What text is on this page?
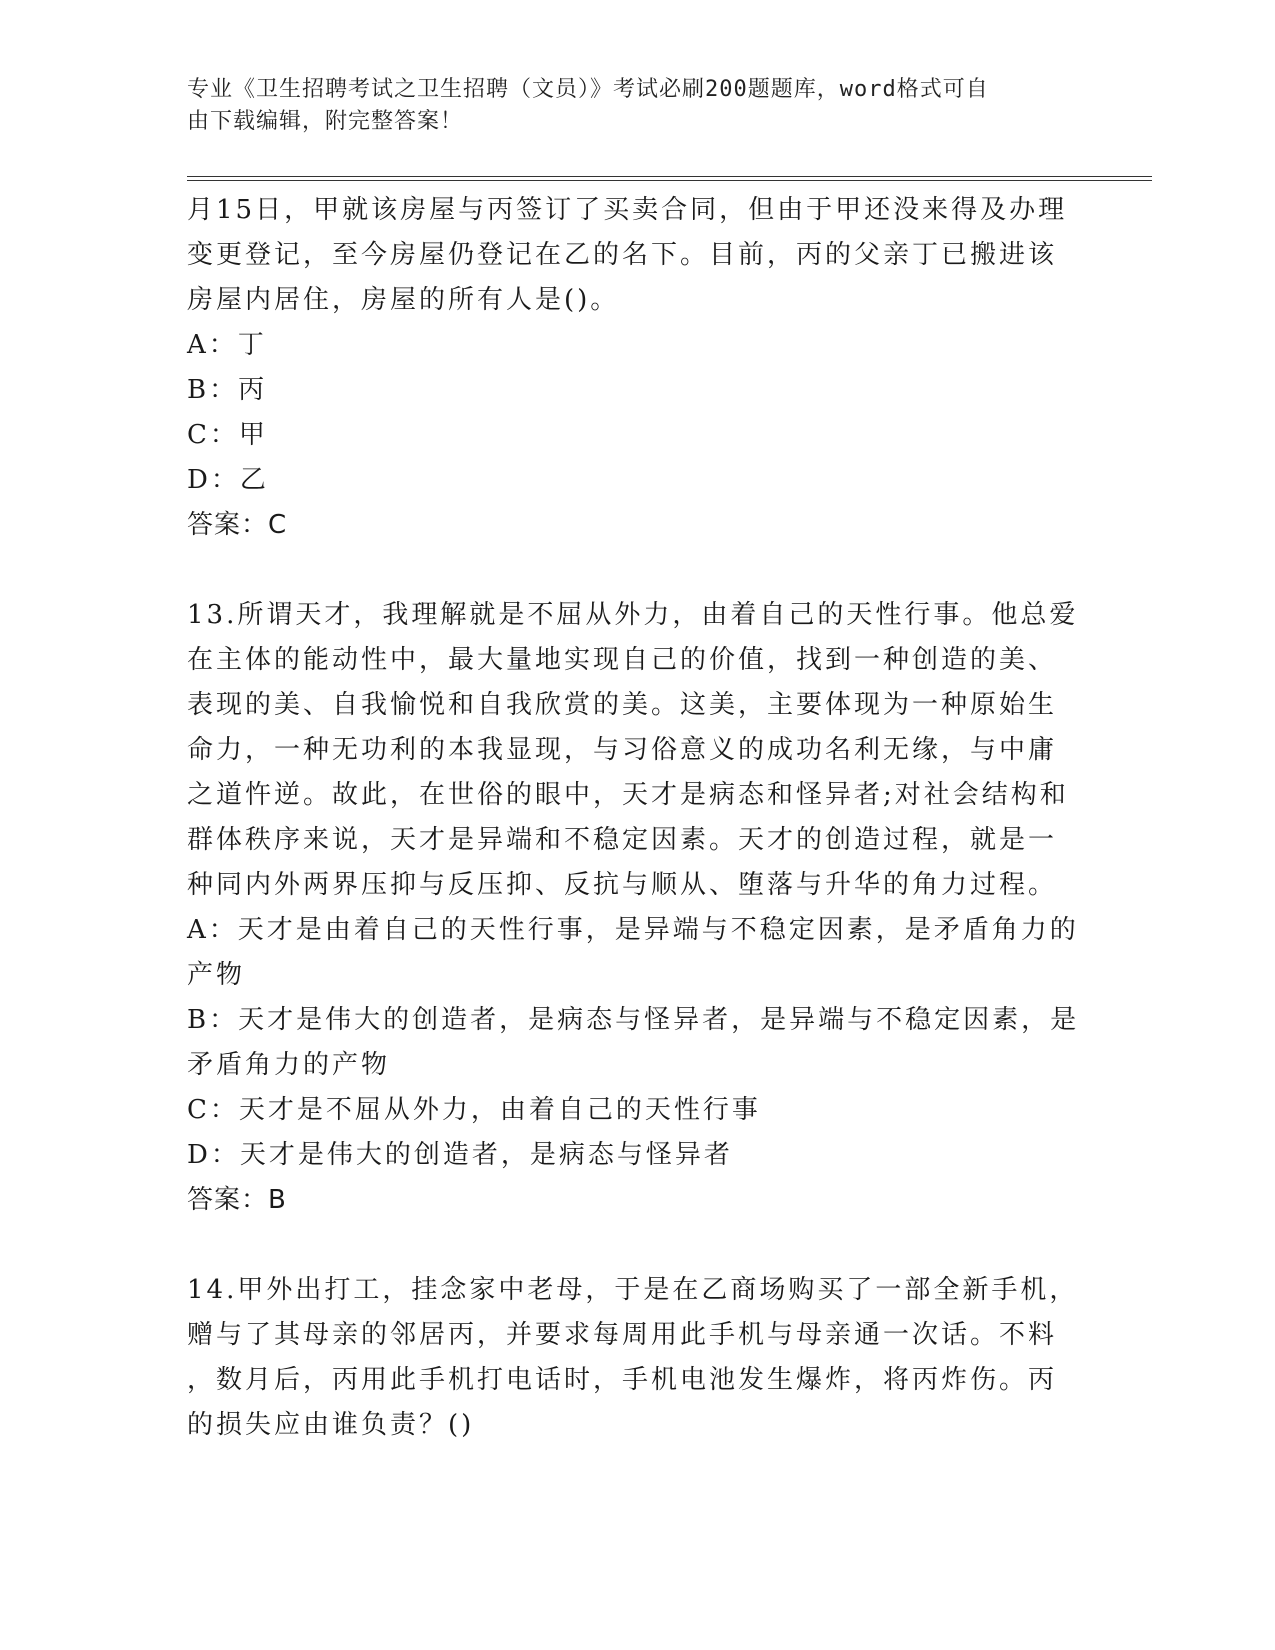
专业《卫生招聘考试之卫生招聘（文员）》考试必刷200题题库，word格式可自
由下载编辑，附完整答案！

月15日，甲就该房屋与丙签订了买卖合同，但由于甲还没来得及办理

变更登记，至今房屋仍登记在乙的名下。目前，丙的父亲丁已搬进该

房屋内居住，房屋的所有人是()。

A：丁

B：丙

C：甲

D：乙

答案：C

13.所谓天才，我理解就是不屈从外力，由着自己的天性行事。他总爱

在主体的能动性中，最大量地实现自己的价值，找到一种创造的美、

表现的美、自我愉悦和自我欣赏的美。这美，主要体现为一种原始生

命力，一种无功利的本我显现，与习俗意义的成功名利无缘，与中庸

之道忤逆。故此，在世俗的眼中，天才是病态和怪异者;对社会结构和

群体秩序来说，天才是异端和不稳定因素。天才的创造过程，就是一

种同内外两界压抑与反压抑、反抗与顺从、堕落与升华的角力过程。

A：天才是由着自己的天性行事，是异端与不稳定因素，是矛盾角力的

产物

B：天才是伟大的创造者，是病态与怪异者，是异端与不稳定因素，是

矛盾角力的产物

C：天才是不屈从外力，由着自己的天性行事

D：天才是伟大的创造者，是病态与怪异者

答案：B

14.甲外出打工，挂念家中老母，于是在乙商场购买了一部全新手机，

赠与了其母亲的邻居丙，并要求每周用此手机与母亲通一次话。不料

，数月后，丙用此手机打电话时，手机电池发生爆炸，将丙炸伤。丙

的损失应由谁负责？()
